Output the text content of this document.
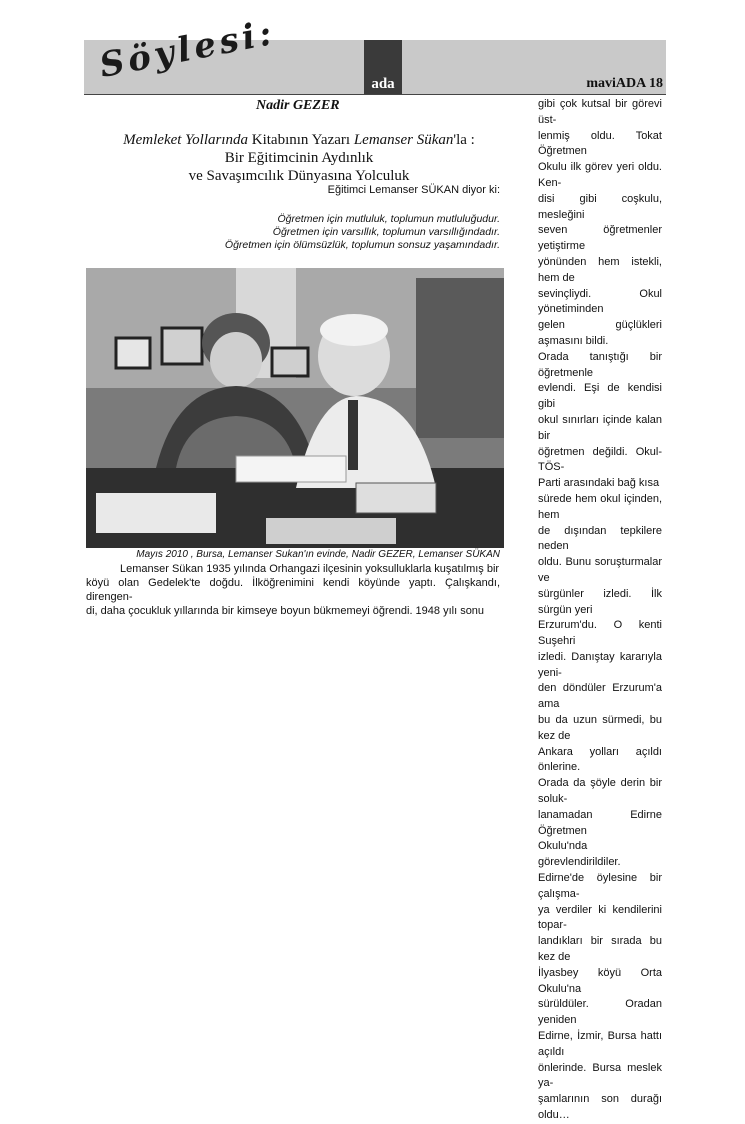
Söylesi:	ada	maviADA 18
Nadir GEZER
Memleket Yollarında Kitabının Yazarı Lemanser Sükan'la :
Bir Eğitimcinin Aydınlık
ve Savaşımcılık Dünyasına Yolculuk
Eğitimci Lemanser SÜKAN diyor ki:
Öğretmen için mutluluk, toplumun mutluluğudur.
Öğretmen için varsıllık, toplumun varsıllığındadır.
Öğretmen için ölümsüzlük, toplumun sonsuz yaşamındadır.
Mayıs 2010 , Bursa, Lemanser Sukan'ın evinde, Nadir GEZER, Lemanser SÜKAN

Lemanser Sükan 1935 yılında Orhangazi ilçesinin yoksulluklarla kuşatılmış bir

köyü olan Gedelek'te doğdu. İlköğrenimini kendi köyünde yaptı. Çalışkandı, direngen-
di, daha çocukluk yıllarında bir kimseye boyun bükmemeyi öğrendi. 1948 yılı sonu
gibi çok kutsal bir görevi üst-
lenmiş oldu. Tokat Öğretmen
Okulu ilk görev yeri oldu. Ken-
disi gibi coşkulu, mesleğini
seven öğretmenler yetiştirme
yönünden hem istekli, hem de
sevinçliydi. Okul yönetiminden
gelen güçlükleri aşmasını bildi.
Orada tanıştığı bir öğretmenle
evlendi. Eşi de kendisi gibi
okul sınırları içinde kalan bir
öğretmen değildi. Okul-TÖS-
Parti arasındaki bağ kısa
sürede hem okul içinden, hem
de dışından tepkilere neden
oldu. Bunu soruşturmalar ve
sürgünler izledi. İlk sürgün yeri
Erzurum'du. O kenti Suşehri
izledi. Danıştay kararıyla yeni-
den döndüler Erzurum'a ama
bu da uzun sürmedi, bu kez de
Ankara yolları açıldı önlerine.
Orada da şöyle derin bir soluk-
lanamadan Edirne Öğretmen
Okulu'nda görevlendirildiler.
Edirne'de öylesine bir çalışma-
ya verdiler ki kendilerini topar-
landıkları bir sırada bu kez de
İlyasbey köyü Orta Okulu'na
sürüldüler. Oradan yeniden
Edirne, İzmir, Bursa hattı açıldı
önlerinde. Bursa meslek ya-
şamlarının son durağı oldu…
